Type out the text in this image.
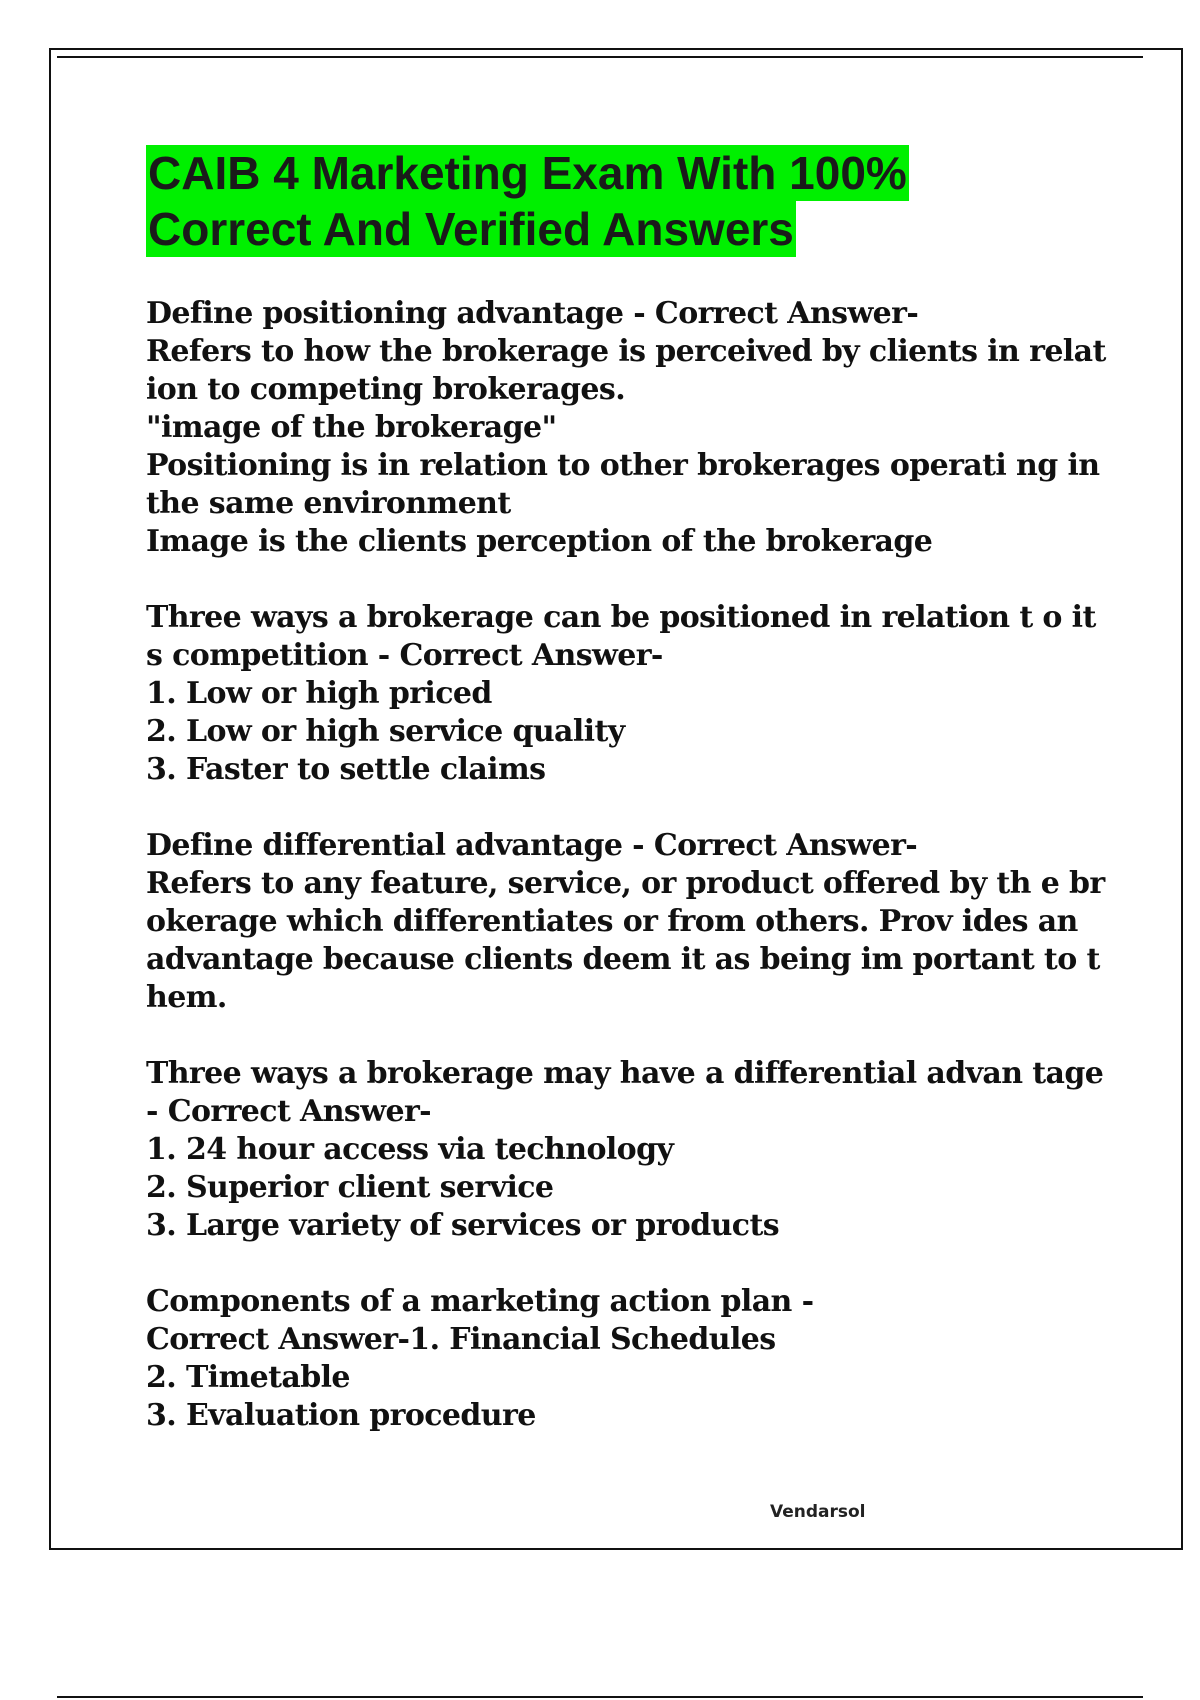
CAIB 4 Marketing Exam With 100%
Correct And Verified Answers
Define positioning advantage - Correct Answer-
Refers to how the brokerage is perceived by clients in relation to competing brokerages.
"image of the brokerage"
Positioning is in relation to other brokerages operati ng in the same environment
Image is the clients perception of the brokerage
Three ways a brokerage can be positioned in relation t o its competition - Correct Answer-
1. Low or high priced
2. Low or high service quality
3. Faster to settle claims
Define differential advantage - Correct Answer-
Refers to any feature, service, or product offered by th e brokerage which differentiates or from others. Prov ides an advantage because clients deem it as being im portant to them.
Three ways a brokerage may have a differential advan tage - Correct Answer-
1. 24 hour access via technology
2. Superior client service
3. Large variety of services or products
Components of a marketing action plan -
Correct Answer-1. Financial Schedules
2. Timetable
3. Evaluation procedure
Vendarsol
